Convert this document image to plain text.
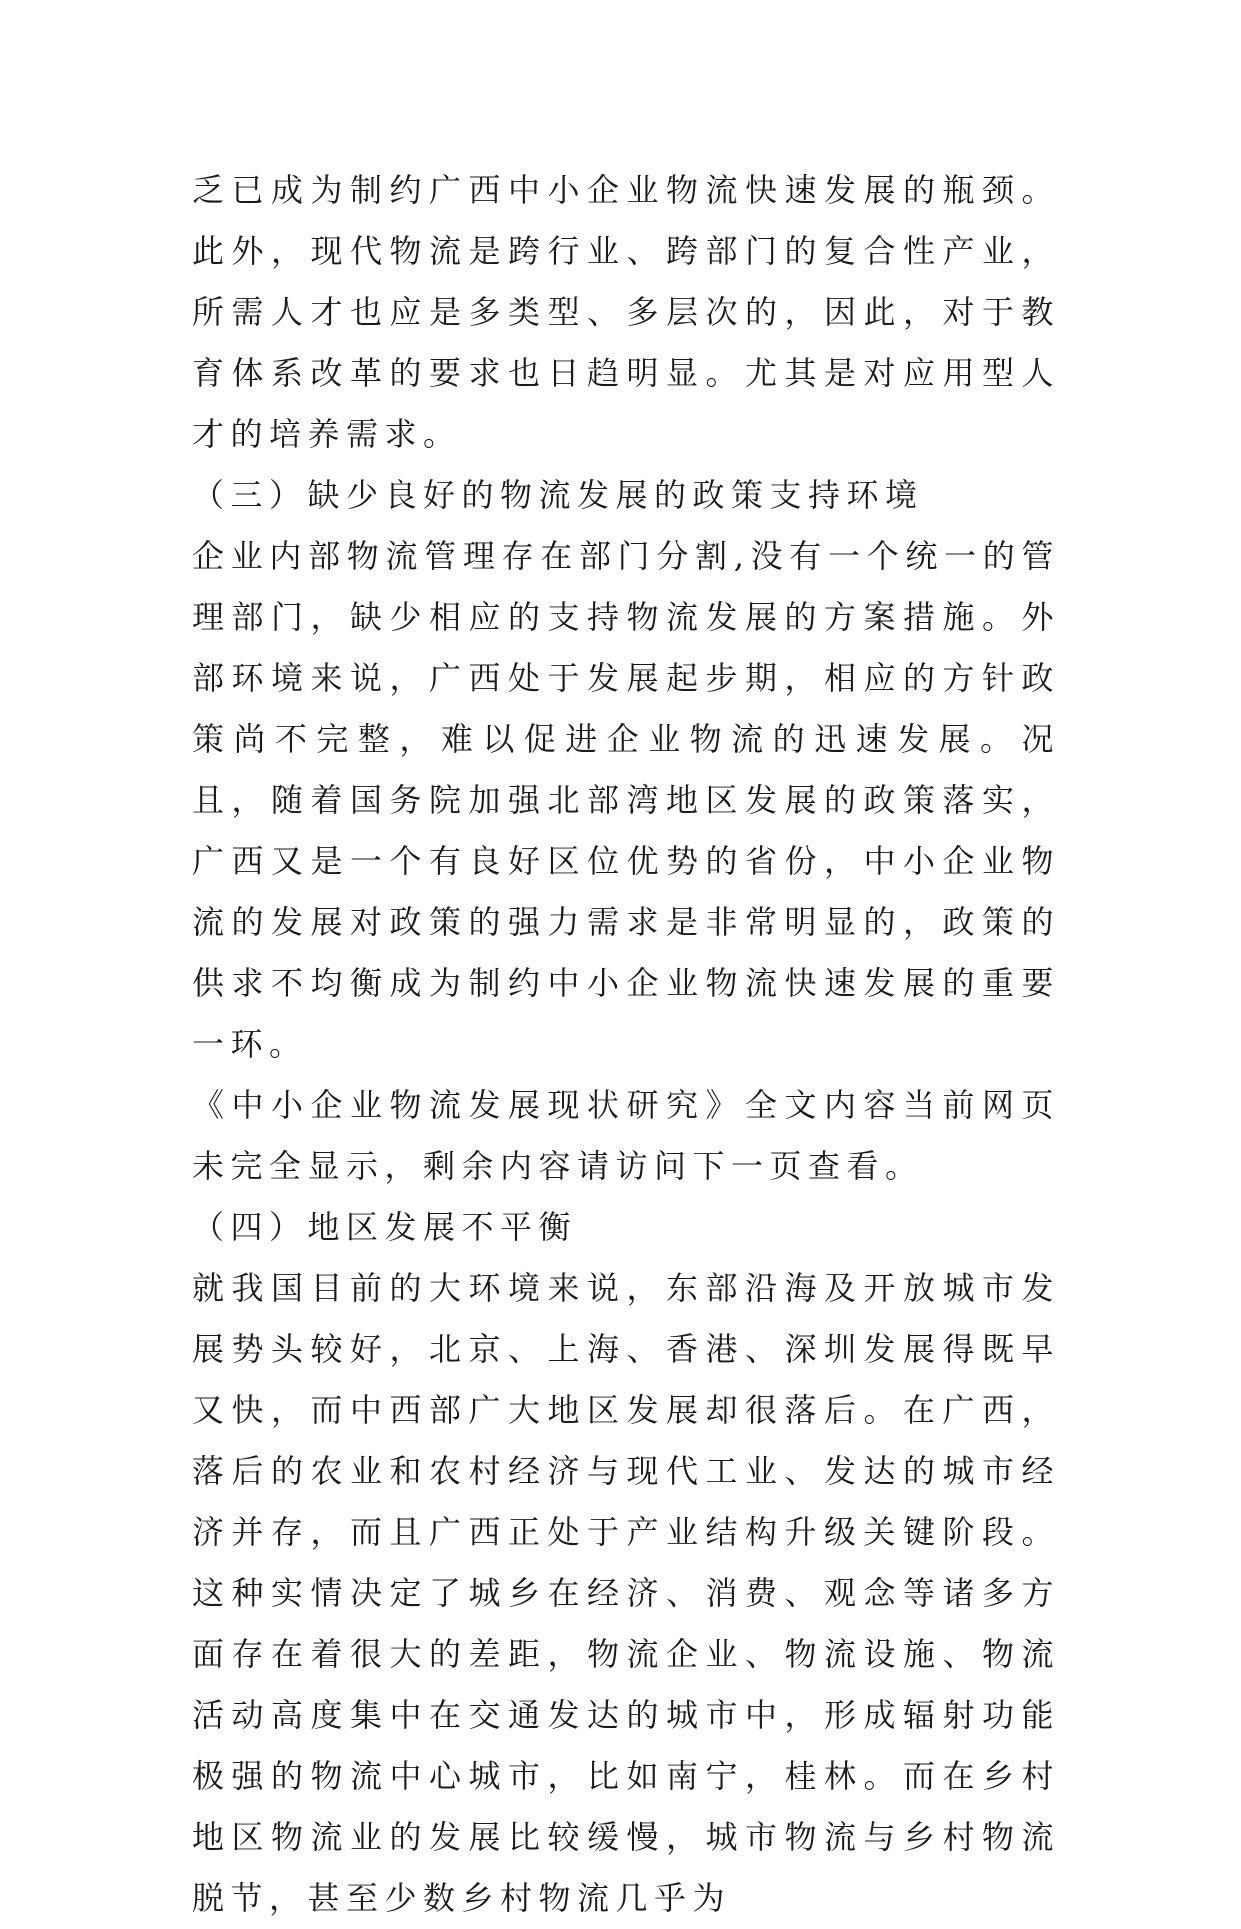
乏已成为制约广西中小企业物流快速发展的瓶颈。此外，现代物流是跨行业、跨部门的复合性产业，所需人才也应是多类型、多层次的，因此，对于教育体系改革的要求也日趋明显。尤其是对应用型人才的培养需求。

（三）缺少良好的物流发展的政策支持环境

企业内部物流管理存在部门分割,没有一个统一的管理部门，缺少相应的支持物流发展的方案措施。外部环境来说，广西处于发展起步期，相应的方针政策尚不完整，难以促进企业物流的迅速发展。况且，随着国务院加强北部湾地区发展的政策落实，广西又是一个有良好区位优势的省份，中小企业物流的发展对政策的强力需求是非常明显的，政策的供求不均衡成为制约中小企业物流快速发展的重要一环。

《中小企业物流发展现状研究》全文内容当前网页未完全显示，剩余内容请访问下一页查看。

（四）地区发展不平衡

就我国目前的大环境来说，东部沿海及开放城市发展势头较好，北京、上海、香港、深圳发展得既早又快，而中西部广大地区发展却很落后。在广西，落后的农业和农村经济与现代工业、发达的城市经济并存，而且广西正处于产业结构升级关键阶段。这种实情决定了城乡在经济、消费、观念等诸多方面存在着很大的差距，物流企业、物流设施、物流活动高度集中在交通发达的城市中，形成辐射功能极强的物流中心城市，比如南宁，桂林。而在乡村地区物流业的发展比较缓慢，城市物流与乡村物流脱节，甚至少数乡村物流几乎为
